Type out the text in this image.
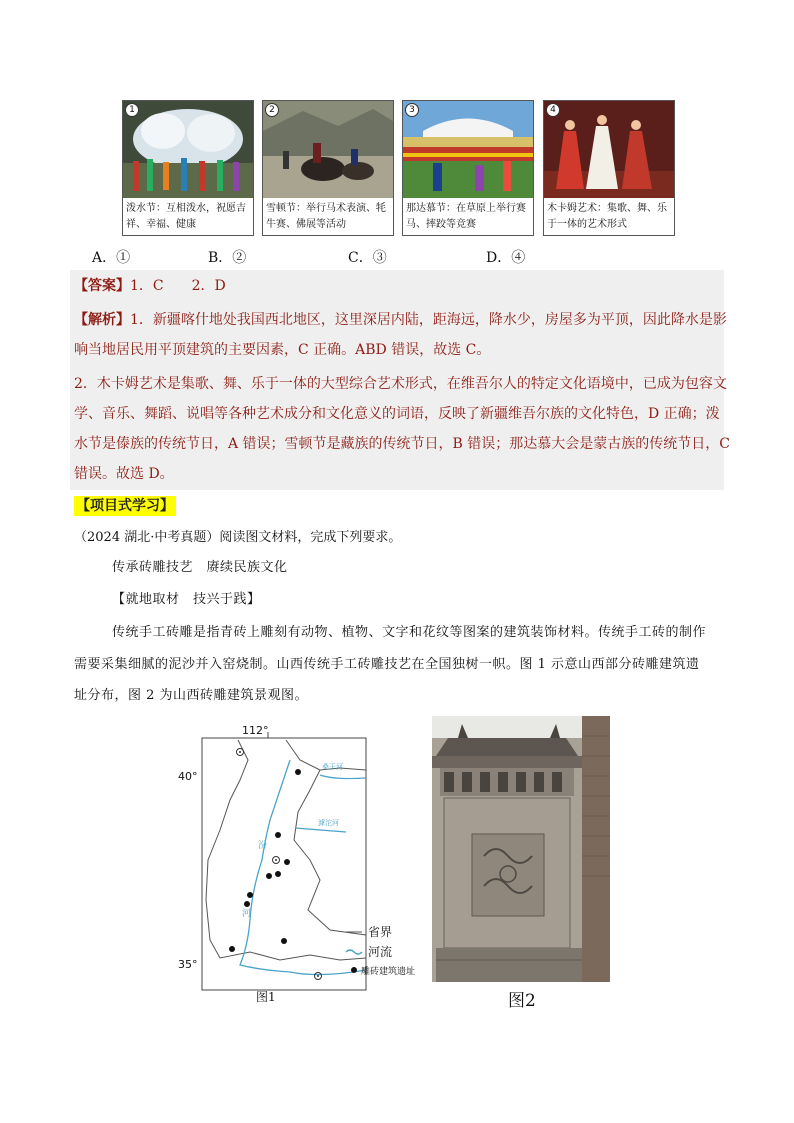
1
泼水节：互相泼水，祝愿吉祥、幸福、健康
2
雪顿节：举行马术表演、牦牛赛、佛展等活动
3
那达慕节：在草原上举行赛马、摔跤等竞赛
4
木卡姆艺术：集歌、舞、乐于一体的艺术形式
A．①	B．②	C．③	D．④
【答案】1．C　　2．D
【解析】1．新疆喀什地处我国西北地区，这里深居内陆，距海远，降水少，房屋多为平顶，因此降水是影
响当地居民用平顶建筑的主要因素，C 正确。ABD 错误，故选 C。
2．木卡姆艺术是集歌、舞、乐于一体的大型综合艺术形式，在维吾尔人的特定文化语境中，已成为包容文
学、音乐、舞蹈、说唱等各种艺术成分和文化意义的词语，反映了新疆维吾尔族的文化特色，D 正确；泼
水节是傣族的传统节日，A 错误；雪顿节是藏族的传统节日，B 错误；那达慕大会是蒙古族的传统节日，C
错误。故选 D。
【项目式学习】
（2024 湖北·中考真题）阅读图文材料，完成下列要求。
传承砖雕技艺　赓续民族文化
【就地取材　技兴于践】
传统手工砖雕是指青砖上雕刻有动物、植物、文字和花纹等图案的建筑装饰材料。传统手工砖的制作
需要采集细腻的泥沙并入窑烧制。山西传统手工砖雕技艺在全国独树一帜。图 1 示意山西部分砖雕建筑遗
址分布，图 2 为山西砖雕建筑景观图。
112°
40°
35°
汾
河
桑干河
滹沱河
省界
河流
雕砖建筑遗址
图1	图2
